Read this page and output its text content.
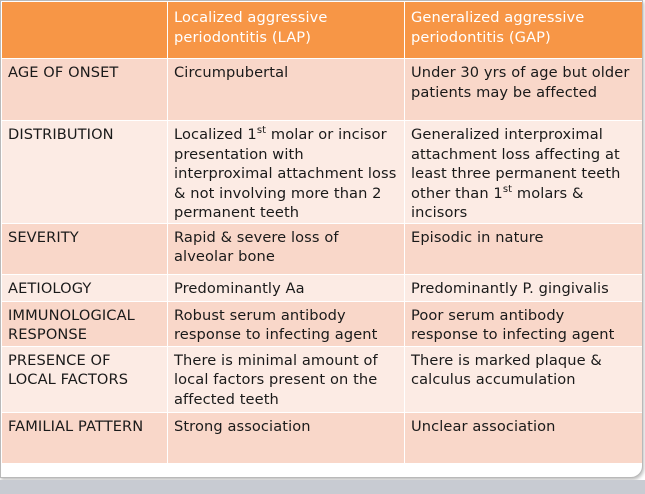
	Localized aggressive periodontitis (LAP)	Generalized aggressive periodontitis (GAP)
AGE OF ONSET	Circumpubertal	Under 30 yrs of age but older patients may be affected
DISTRIBUTION	Localized 1st molar or incisor presentation with interproximal attachment loss & not involving more than 2 permanent teeth	Generalized interproximal attachment loss affecting at least three permanent teeth other than 1st molars & incisors
SEVERITY	Rapid & severe loss of alveolar bone	Episodic in nature
AETIOLOGY	Predominantly Aa	Predominantly P. gingivalis
IMMUNOLOGICAL RESPONSE	Robust serum antibody response to infecting agent	Poor serum antibody response to infecting agent
PRESENCE OF LOCAL FACTORS	There is minimal amount of local factors present on the affected teeth	There is marked plaque & calculus accumulation
FAMILIAL PATTERN	Strong association	Unclear association
